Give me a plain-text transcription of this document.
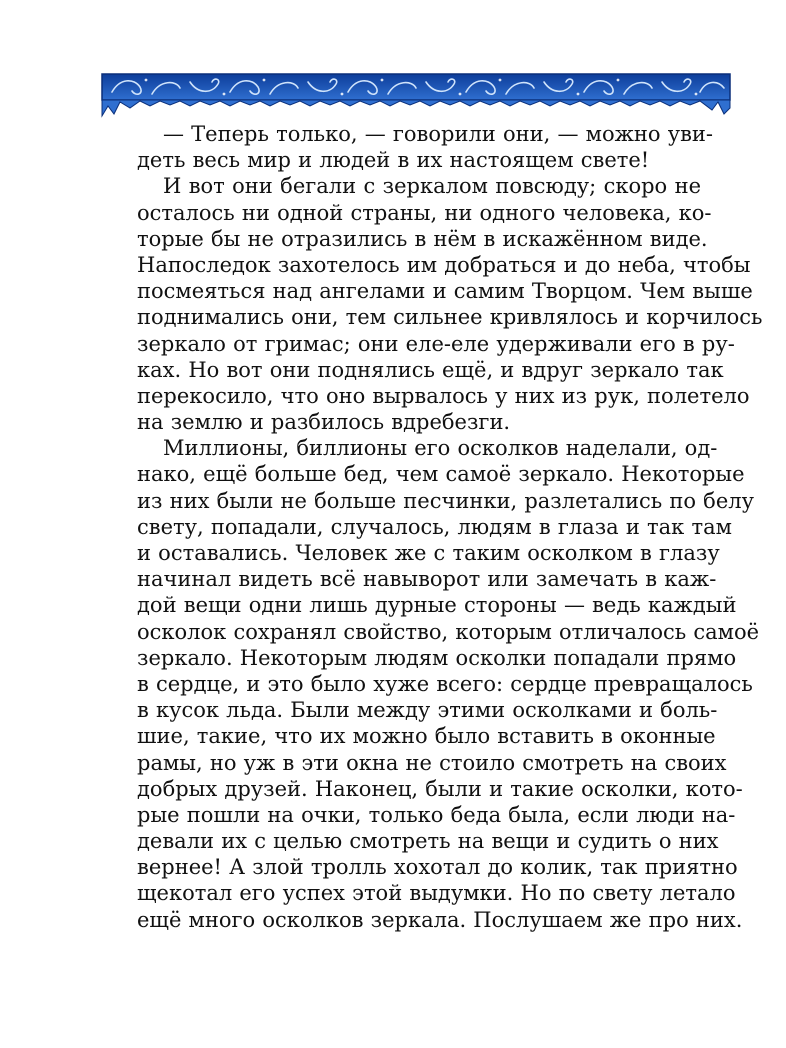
— Теперь только, — говорили они, — можно уви-
деть весь мир и людей в их настоящем свете!
И вот они бегали с зеркалом повсюду; скоро не
осталось ни одной страны, ни одного человека, ко-
торые бы не отразились в нём в искажённом виде.
Напоследок захотелось им добраться и до неба, чтобы
посмеяться над ангелами и самим Творцом. Чем выше
поднимались они, тем сильнее кривлялось и корчилось
зеркало от гримас; они еле-еле удерживали его в ру-
ках. Но вот они поднялись ещё, и вдруг зеркало так
перекосило, что оно вырвалось у них из рук, полетело
на землю и разбилось вдребезги.
Миллионы, биллионы его осколков наделали, од-
нако, ещё больше бед, чем самоё зеркало. Некоторые
из них были не больше песчинки, разлетались по белу
свету, попадали, случалось, людям в глаза и так там
и оставались. Человек же с таким осколком в глазу
начинал видеть всё навыворот или замечать в каж-
дой вещи одни лишь дурные стороны — ведь каждый
осколок сохранял свойство, которым отличалось самоё
зеркало. Некоторым людям осколки попадали прямо
в сердце, и это было хуже всего: сердце превращалось
в кусок льда. Были между этими осколками и боль-
шие, такие, что их можно было вставить в оконные
рамы, но уж в эти окна не стоило смотреть на своих
добрых друзей. Наконец, были и такие осколки, кото-
рые пошли на очки, только беда была, если люди на-
девали их с целью смотреть на вещи и судить о них
вернее! А злой тролль хохотал до колик, так приятно
щекотал его успех этой выдумки. Но по свету летало
ещё много осколков зеркала. Послушаем же про них.
